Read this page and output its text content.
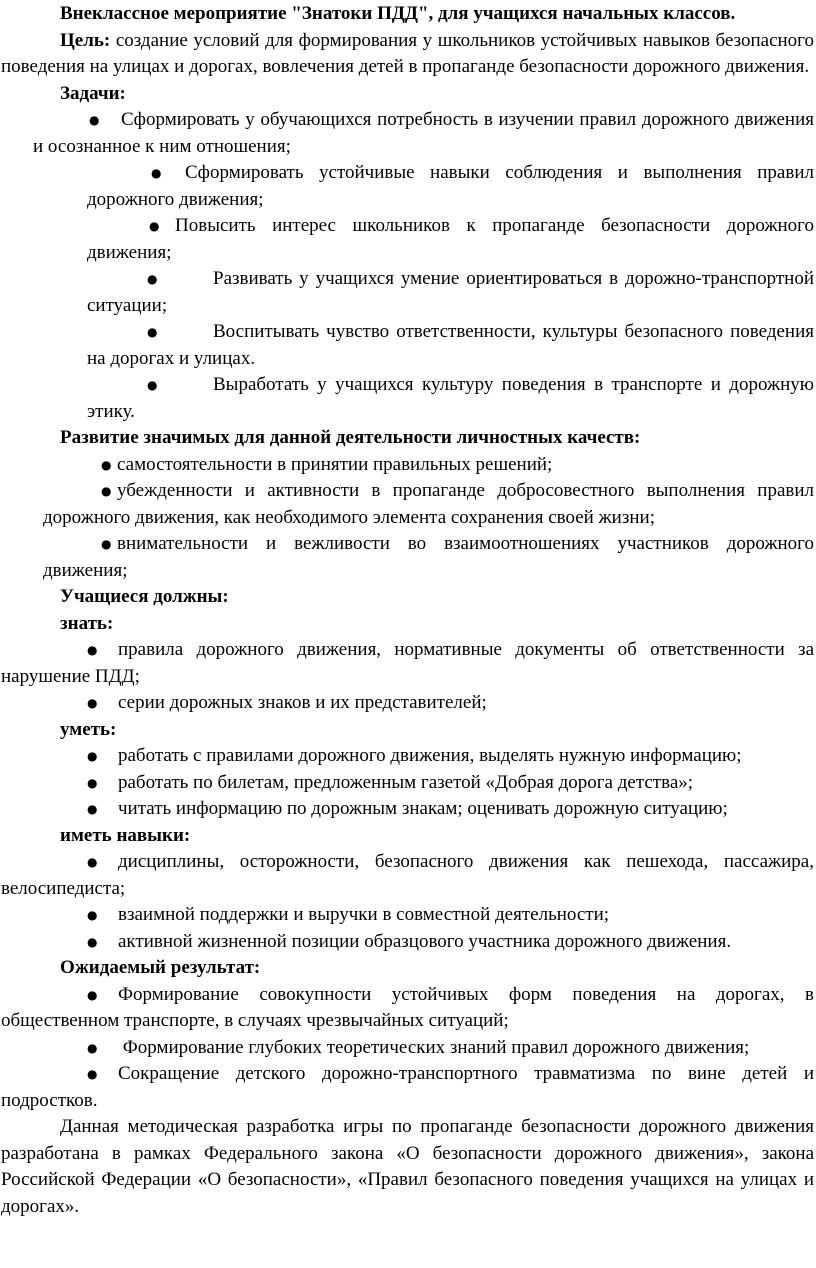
Внеклассное мероприятие "Знатоки ПДД", для учащихся начальных классов.

Цель: создание условий для формирования у школьников устойчивых навыков безопасного поведения на улицах и дорогах, вовлечения детей в пропаганде безопасности дорожного движения.

Задачи:

● Сформировать у обучающихся потребность в изучении правил дорожного движения и осознанное к ним отношения;

● Сформировать устойчивые навыки соблюдения и выполнения правил дорожного движения;

● Повысить интерес школьников к пропаганде безопасности дорожного движения;

●	Развивать у учащихся умение ориентироваться в дорожно-транспортной ситуации;

●	Воспитывать чувство ответственности, культуры безопасного поведения на дорогах и улицах.

●	Выработать у учащихся культуру поведения в транспорте и дорожную этику.

Развитие значимых для данной деятельности личностных качеств:

● самостоятельности в принятии правильных решений;

● убежденности и активности в пропаганде добросовестного выполнения правил дорожного движения, как необходимого элемента сохранения своей жизни;

● внимательности и вежливости во взаимоотношениях участников дорожного движения;

Учащиеся должны:

знать:

● правила дорожного движения, нормативные документы об ответственности за нарушение ПДД;

● серии дорожных знаков и их представителей;

уметь:

● работать с правилами дорожного движения, выделять нужную информацию;

● работать по билетам, предложенным газетой «Добрая дорога детства»;

● читать информацию по дорожным знакам; оценивать дорожную ситуацию;

иметь навыки:

● дисциплины, осторожности, безопасного движения как пешехода, пассажира, велосипедиста;

● взаимной поддержки и выручки в совместной деятельности;

● активной жизненной позиции образцового участника дорожного движения.

Ожидаемый результат:

● Формирование совокупности устойчивых форм поведения на дорогах, в общественном транспорте, в случаях чрезвычайных ситуаций;

● Формирование глубоких теоретических знаний правил дорожного движения;

● Сокращение детского дорожно-транспортного травматизма по вине детей и подростков.

Данная методическая разработка игры по пропаганде безопасности дорожного движения разработана в рамках Федерального закона «О безопасности дорожного движения», закона Российской Федерации «О безопасности», «Правил безопасного поведения учащихся на улицах и дорогах».
